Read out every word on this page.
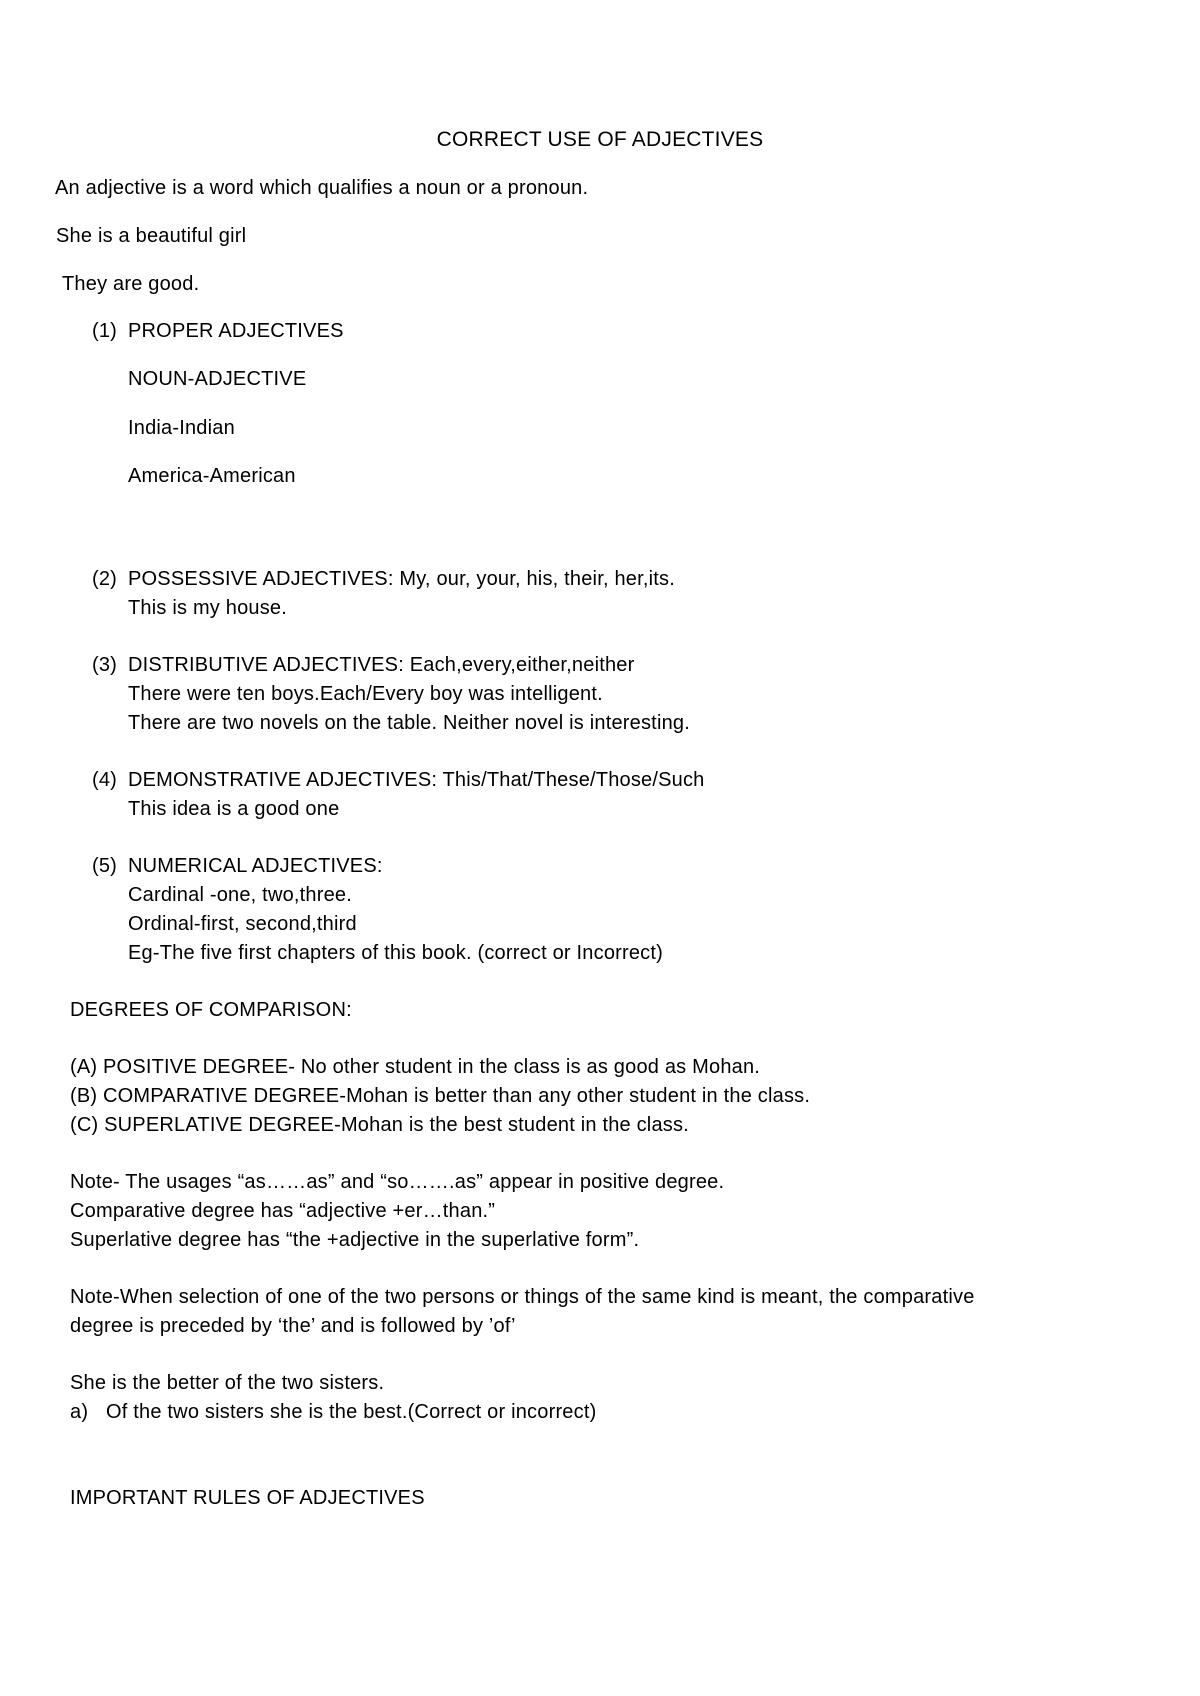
CORRECT USE OF ADJECTIVES

An adjective is a word which qualifies a noun or a pronoun.

She is a beautiful girl

They are good.

(1) PROPER ADJECTIVES

NOUN-ADJECTIVE

India-Indian

America-American

(2) POSSESSIVE ADJECTIVES: My, our, your, his, their, her,its.

This is my house.

(3) DISTRIBUTIVE ADJECTIVES: Each,every,either,neither

There were ten boys.Each/Every boy was intelligent.

There are two novels on the table. Neither novel is interesting.

(4) DEMONSTRATIVE ADJECTIVES: This/That/These/Those/Such

This idea is a good one

(5) NUMERICAL ADJECTIVES:

Cardinal -one, two,three.

Ordinal-first, second,third

Eg-The five first chapters of this book. (correct or Incorrect)

DEGREES OF COMPARISON:

(A) POSITIVE DEGREE- No other student in the class is as good as Mohan.

(B) COMPARATIVE DEGREE-Mohan is better than any other student in the class.

(C) SUPERLATIVE DEGREE-Mohan is the best student in the class.

Note- The usages “as……as” and “so…….as” appear in positive degree.

Comparative degree has “adjective +er…than.”

Superlative degree has “the +adjective in the superlative form”.

Note-When selection of one of the two persons or things of the same kind is meant, the comparative

degree is preceded by ‘the’ and is followed by ’of’

She is the better of the two sisters.

a) Of the two sisters she is the best.(Correct or incorrect)

IMPORTANT RULES OF ADJECTIVES
